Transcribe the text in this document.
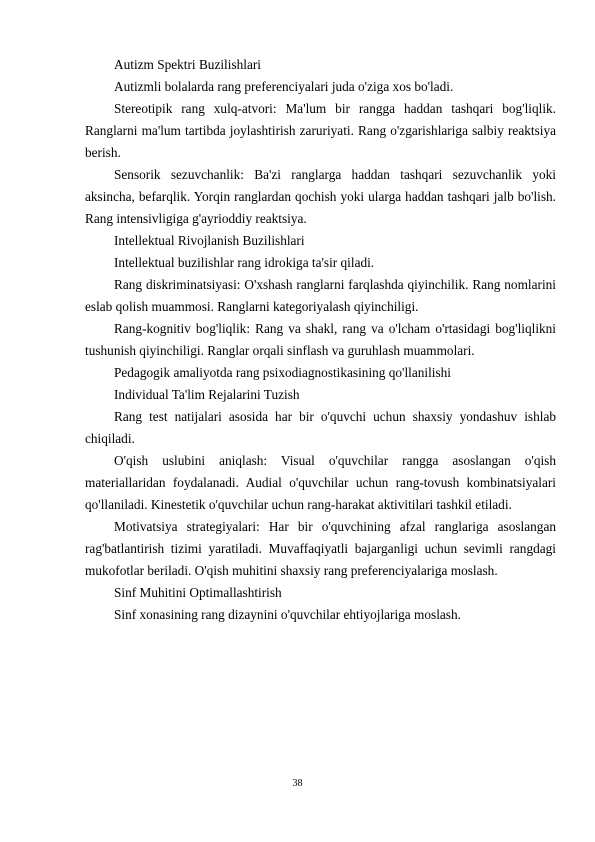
Autizm Spektri Buzilishlari

Autizmli bolalarda rang preferenciyalari juda o'ziga xos bo'ladi.

Stereotipik rang xulq-atvori: Ma'lum bir rangga haddan tashqari bog'liqlik. Ranglarni ma'lum tartibda joylashtirish zaruriyati. Rang o'zgarishlariga salbiy reaktsiya berish.

Sensorik sezuvchanlik: Ba'zi ranglarga haddan tashqari sezuvchanlik yoki aksincha, befarqlik. Yorqin ranglardan qochish yoki ularga haddan tashqari jalb bo'lish. Rang intensivligiga g'ayrioddiy reaktsiya.

Intellektual Rivojlanish Buzilishlari

Intellektual buzilishlar rang idrokiga ta'sir qiladi.

Rang diskriminatsiyasi: O'xshash ranglarni farqlashda qiyinchilik. Rang nomlarini eslab qolish muammosi. Ranglarni kategoriyalash qiyinchiligi.

Rang-kognitiv bog'liqlik: Rang va shakl, rang va o'lcham o'rtasidagi bog'liqlikni tushunish qiyinchiligi. Ranglar orqali sinflash va guruhlash muammolari.

Pedagogik amaliyotda rang psixodiagnostikasining qo'llanilishi

Individual Ta'lim Rejalarini Tuzish

Rang test natijalari asosida har bir o'quvchi uchun shaxsiy yondashuv ishlab chiqiladi.

O'qish uslubini aniqlash: Visual o'quvchilar rangga asoslangan o'qish materiallaridan foydalanadi. Audial o'quvchilar uchun rang-tovush kombinatsiyalari qo'llaniladi. Kinestetik o'quvchilar uchun rang-harakat aktivitilari tashkil etiladi.

Motivatsiya strategiyalari: Har bir o'quvchining afzal ranglariga asoslangan rag'batlantirish tizimi yaratiladi. Muvaffaqiyatli bajarganligi uchun sevimli rangdagi mukofotlar beriladi. O'qish muhitini shaxsiy rang preferenciyalariga moslash.

Sinf Muhitini Optimallashtirish

Sinf xonasining rang dizaynini o'quvchilar ehtiyojlariga moslash.

38
